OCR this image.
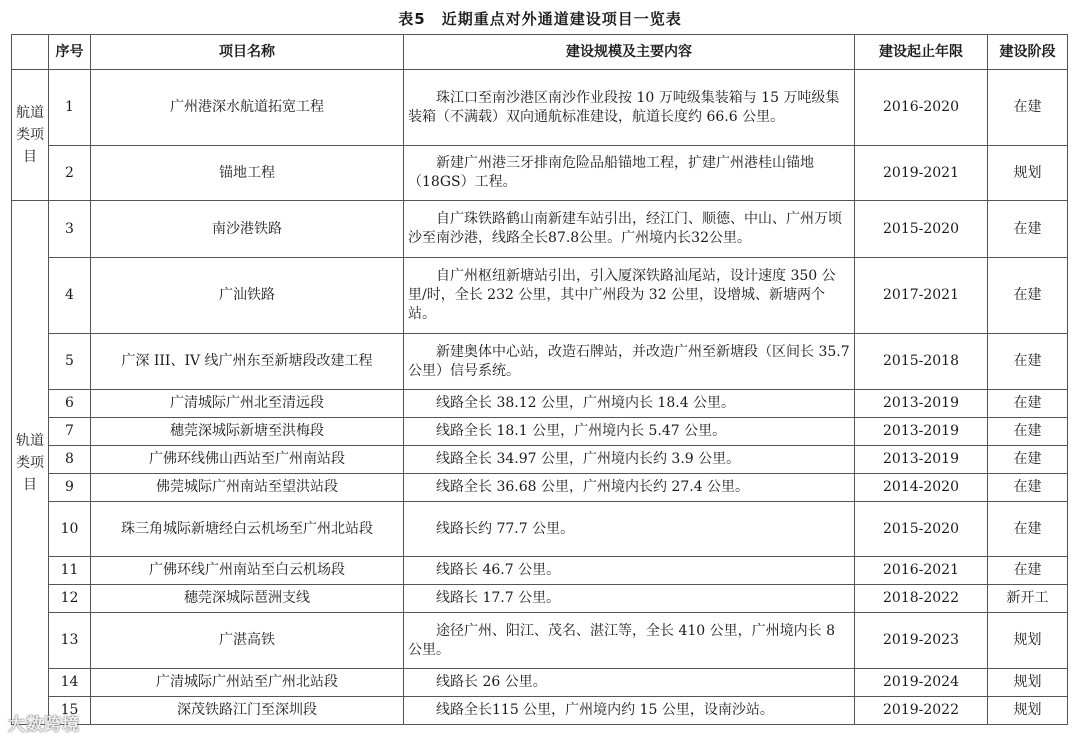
表5　近期重点对外通道建设项目一览表
	序号	项目名称	建设规模及主要内容	建设起止年限	建设阶段
航道类项目	1	广州港深水航道拓宽工程	珠江口至南沙港区南沙作业段按 10 万吨级集装箱与 15 万吨级集装箱（不满载）双向通航标准建设，航道长度约 66.6 公里。	2016-2020	在建
	2	锚地工程	新建广州港三牙排南危险品船锚地工程，扩建广州港桂山锚地（18GS）工程。	2019-2021	规划
轨道类项目	3	南沙港铁路	自广珠铁路鹤山南新建车站引出，经江门、顺德、中山、广州万顷沙至南沙港，线路全长87.8公里。广州境内长32公里。	2015-2020	在建
	4	广汕铁路	自广州枢纽新塘站引出，引入厦深铁路汕尾站，设计速度 350 公里/时，全长 232 公里，其中广州段为 32 公里，设增城、新塘两个站。	2017-2021	在建
	5	广深 III、IV 线广州东至新塘段改建工程	新建奥体中心站，改造石牌站，并改造广州至新塘段（区间长 35.7 公里）信号系统。	2015-2018	在建
	6	广清城际广州北至清远段	线路全长 38.12 公里，广州境内长 18.4 公里。	2013-2019	在建
	7	穗莞深城际新塘至洪梅段	线路全长 18.1 公里，广州境内长 5.47 公里。	2013-2019	在建
	8	广佛环线佛山西站至广州南站段	线路全长 34.97 公里，广州境内长约 3.9 公里。	2013-2019	在建
	9	佛莞城际广州南站至望洪站段	线路全长 36.68 公里，广州境内长约 27.4 公里。	2014-2020	在建
	10	珠三角城际新塘经白云机场至广州北站段	线路长约 77.7 公里。	2015-2020	在建
	11	广佛环线广州南站至白云机场段	线路长 46.7 公里。	2016-2021	在建
	12	穗莞深城际琶洲支线	线路长 17.7 公里。	2018-2022	新开工
	13	广湛高铁	途径广州、阳江、茂名、湛江等，全长 410 公里，广州境内长 8 公里。	2019-2023	规划
	14	广清城际广州站至广州北站段	线路长 26 公里。	2019-2024	规划
	15	深茂铁路江门至深圳段	线路全长115 公里，广州境内约 15 公里，设南沙站。	2019-2022	规划
大数跨境
